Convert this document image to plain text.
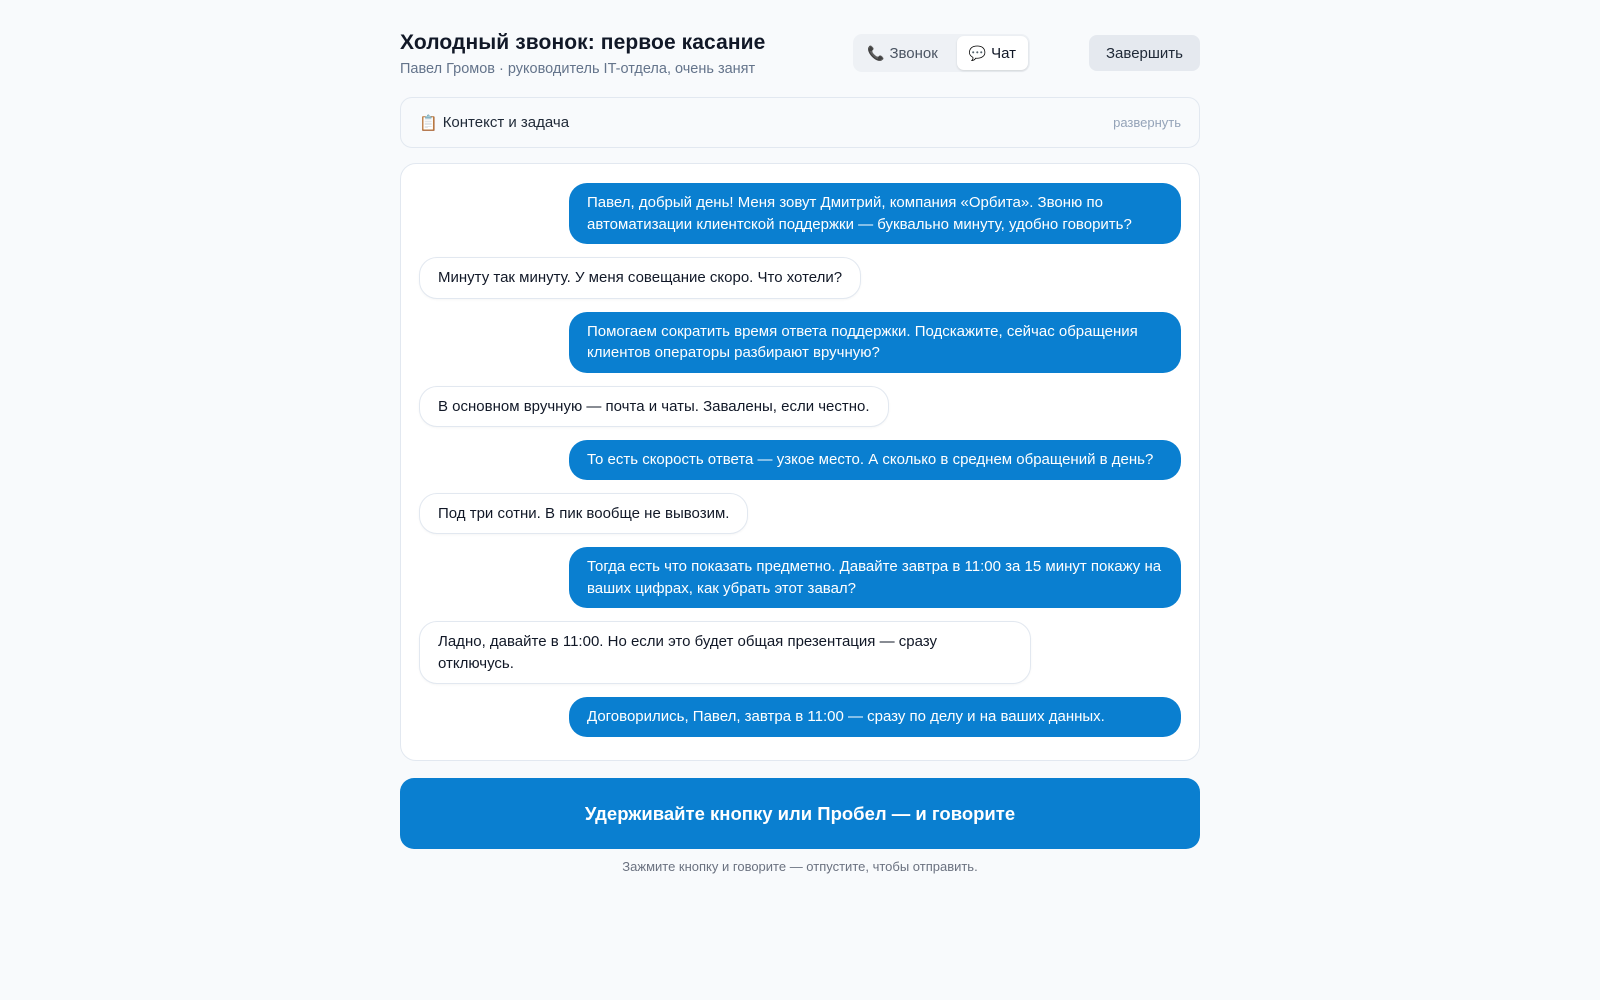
Холодный звонок: первое касание
Павел Громов · руководитель IT-отдела, очень занят
📞 Звонок 💬 Чат	Завершить
📋 Контекст и задача	развернуть
Павел, добрый день! Меня зовут Дмитрий, компания «Орбита». Звоню по автоматизации клиентской поддержки — буквально минуту, удобно говорить?
Минуту так минуту. У меня совещание скоро. Что хотели?
Помогаем сократить время ответа поддержки. Подскажите, сейчас обращения клиентов операторы разбирают вручную?
В основном вручную — почта и чаты. Завалены, если честно.
То есть скорость ответа — узкое место. А сколько в среднем обращений в день?
Под три сотни. В пик вообще не вывозим.
Тогда есть что показать предметно. Давайте завтра в 11:00 за 15 минут покажу на ваших цифрах, как убрать этот завал?
Ладно, давайте в 11:00. Но если это будет общая презентация — сразу отключусь.
Договорились, Павел, завтра в 11:00 — сразу по делу и на ваших данных.
Удерживайте кнопку или Пробел — и говорите
Зажмите кнопку и говорите — отпустите, чтобы отправить.
